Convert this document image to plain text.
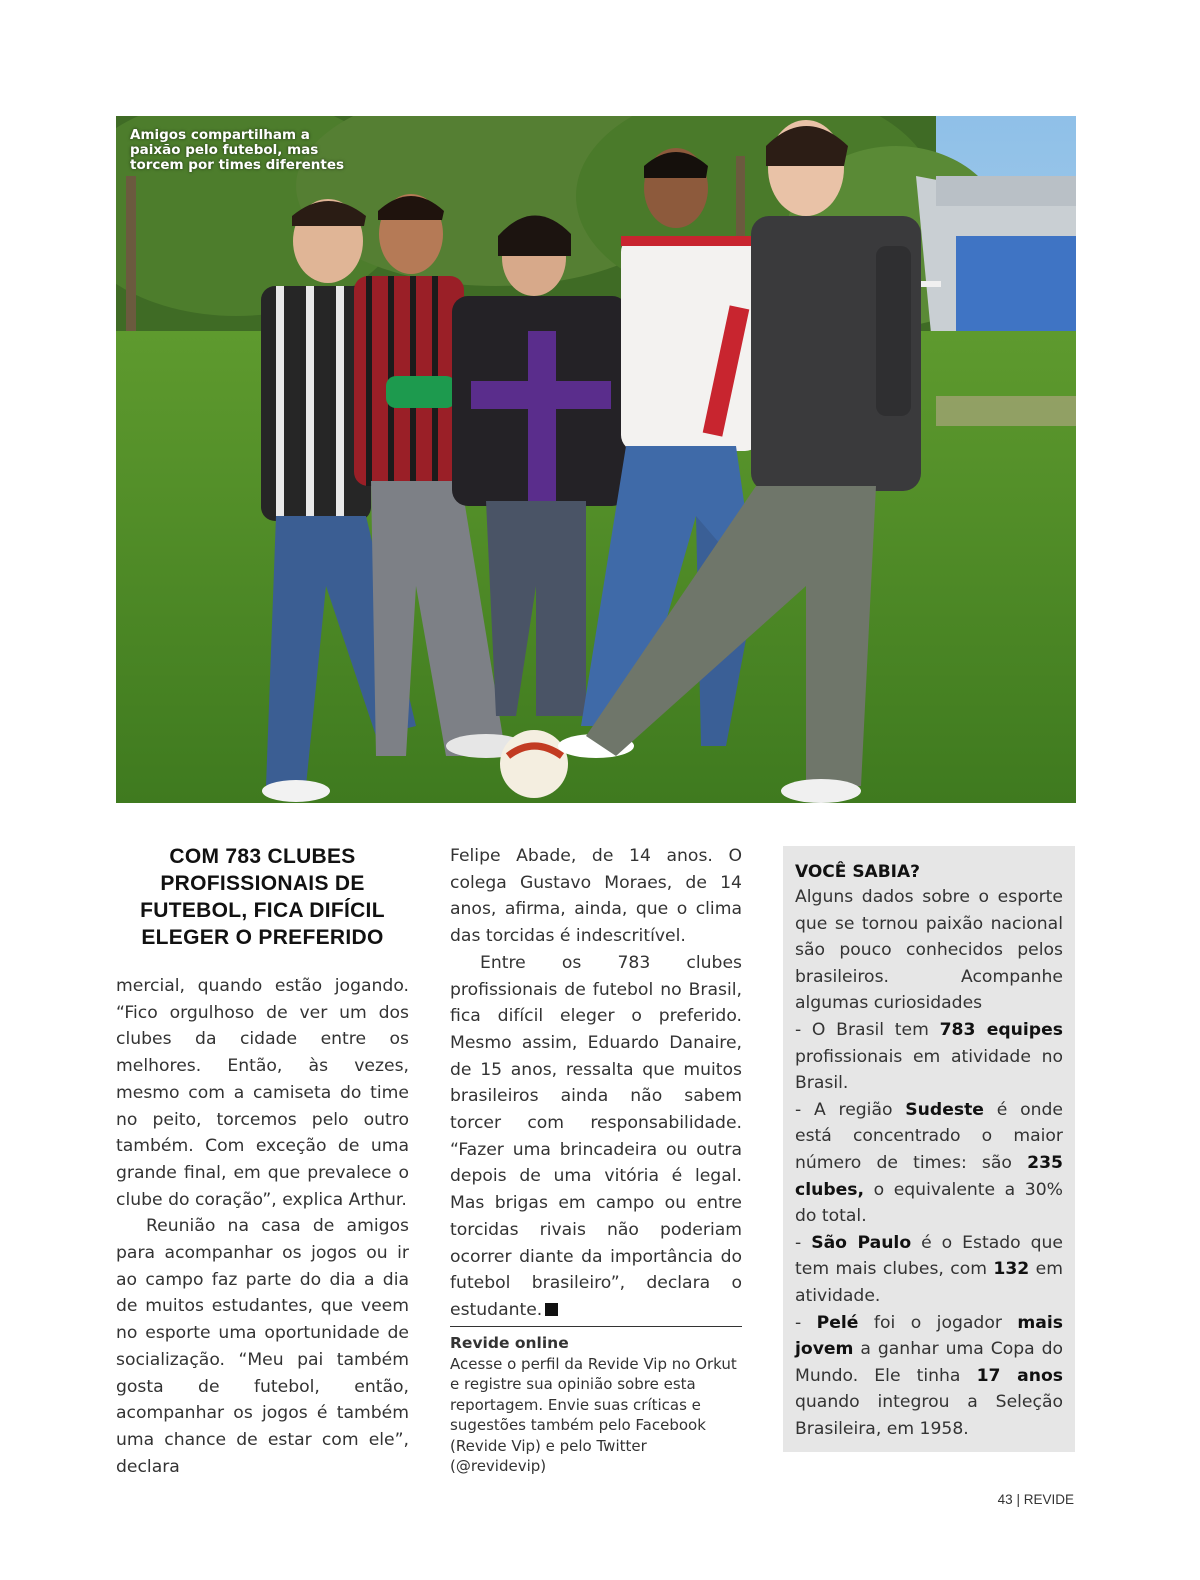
Amigos compartilham a paixão pelo futebol, mas torcem por times diferentes
COM 783 CLUBES PROFISSIONAIS DE FUTEBOL, FICA DIFÍCIL ELEGER O PREFERIDO

mercial, quando estão jogando. “Fico orgulhoso de ver um dos clubes da cidade entre os melhores. Então, às vezes, mesmo com a camiseta do time no peito, torcemos pelo outro também. Com exceção de uma grande final, em que prevalece o clube do coração”, explica Arthur.

Reunião na casa de amigos para acompanhar os jogos ou ir ao campo faz parte do dia a dia de muitos estudantes, que veem no esporte uma oportunidade de socialização. “Meu pai também gosta de futebol, então, acompanhar os jogos é também uma chance de estar com ele”, declara

Felipe Abade, de 14 anos. O colega Gustavo Moraes, de 14 anos, afirma, ainda, que o clima das torcidas é indescritível.

Entre os 783 clubes profissionais de futebol no Brasil, fica difícil eleger o preferido. Mesmo assim, Eduardo Danaire, de 15 anos, ressalta que muitos brasileiros ainda não sabem torcer com responsabilidade. “Fazer uma brincadeira ou outra depois de uma vitória é legal. Mas brigas em campo ou entre torcidas rivais não poderiam ocorrer diante da importância do futebol brasileiro”, declara o estudante.	r

Revide online
Acesse o perfil da Revide Vip no Orkut e registre sua opinião sobre esta reportagem. Envie suas críticas e sugestões também pelo Facebook (Revide Vip) e pelo Twitter (@revidevip)
VOCÊ SABIA?

Alguns dados sobre o esporte que se tornou paixão nacional são pouco conhecidos pelos brasileiros. Acompanhe algumas curiosidades

- O Brasil tem 783 equipes profissionais em atividade no Brasil.

- A região Sudeste é onde está concentrado o maior número de times: são 235 clubes, o equivalente a 30% do total.

- São Paulo é o Estado que tem mais clubes, com 132 em atividade.

- Pelé foi o jogador mais jovem a ganhar uma Copa do Mundo. Ele tinha 17 anos quando integrou a Seleção Brasileira, em 1958.

43 | REVIDE
